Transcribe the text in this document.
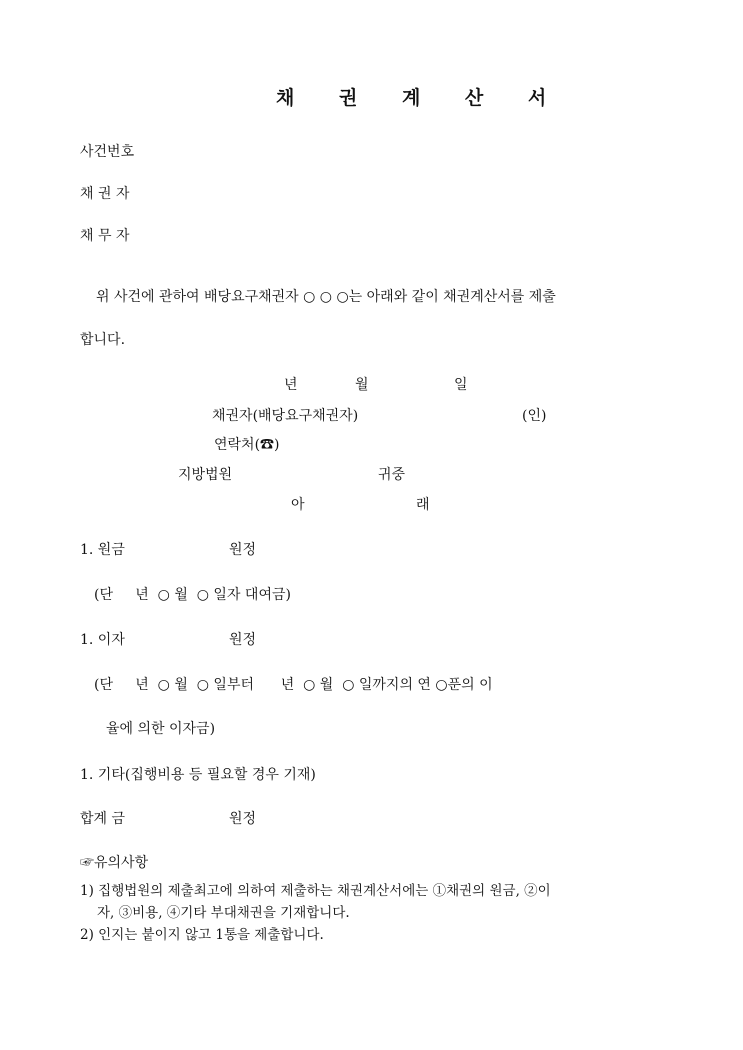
채 권 계 산 서
사건번호
채 권 자
채 무 자
위 사건에 관하여 배당요구채권자 ○ ○ ○는 아래와 같이 채권계산서를 제출
합니다.
년	월	일
채권자(배당요구채권자)	(인)
연락처(☎)
지방법원	귀중
아	래
1. 원금	원정
(단     년  ○ 월  ○ 일자 대여금)
1. 이자	원정
(단     년  ○ 월  ○ 일부터      년  ○ 월  ○ 일까지의 연 ○푼의 이
율에 의한 이자금)
1. 기타(집행비용 등 필요할 경우 기재)
합계 금	원정
☞유의사항
1) 집행법원의 제출최고에 의하여 제출하는 채권계산서에는 ①채권의 원금, ②이
자, ③비용, ④기타 부대채권을 기재합니다.
2) 인지는 붙이지 않고 1통을 제출합니다.
